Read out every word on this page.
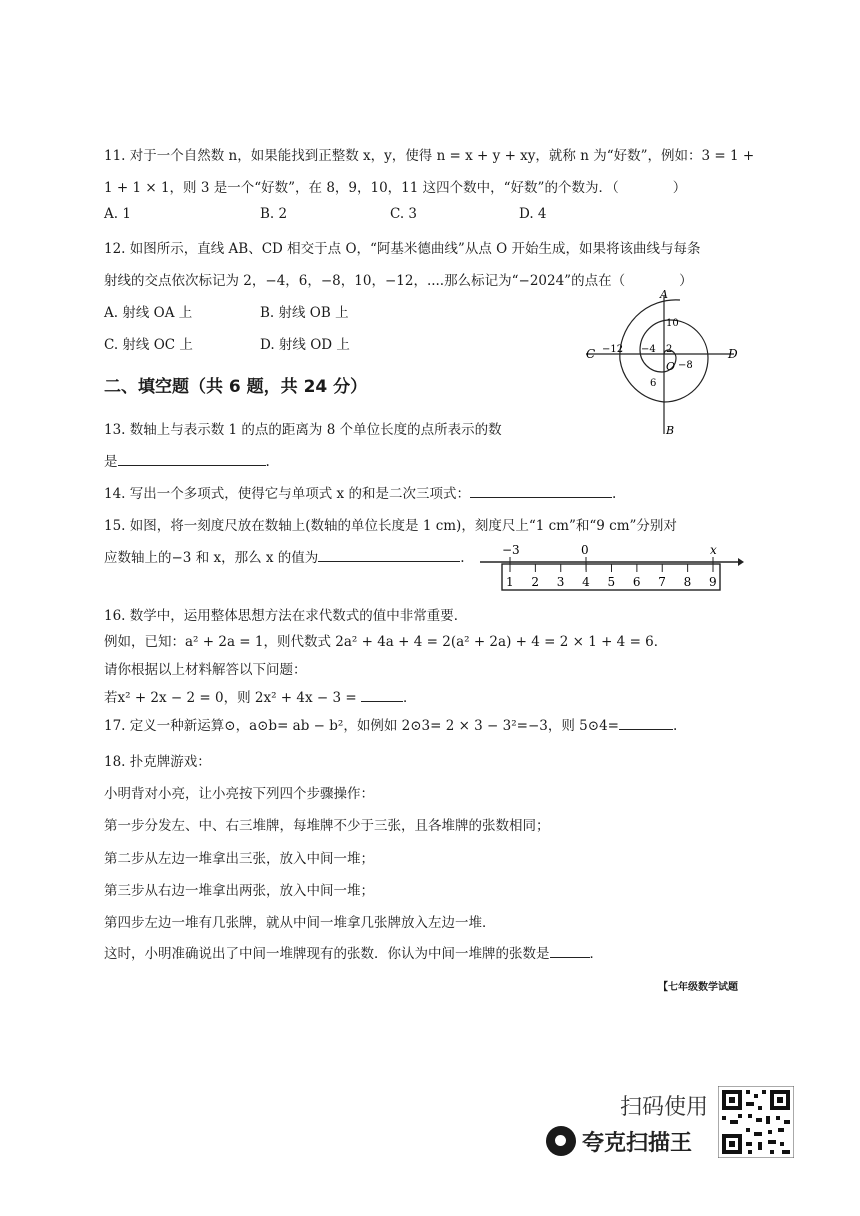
11. 对于一个自然数 n，如果能找到正整数 x，y，使得 n = x + y + xy，就称 n 为“好数”，例如：3 = 1 +
1 + 1 × 1，则 3 是一个“好数”，在 8，9，10，11 这四个数中，“好数”的个数为．（　　　　）
A. 1	B. 2	C. 3	D. 4
12. 如图所示，直线 AB、CD 相交于点 O，“阿基米德曲线”从点 O 开始生成，如果将该曲线与每条
射线的交点依次标记为 2，−4，6，−8，10，−12，....那么标记为“−2024”的点在（　　　　）
A. 射线 OA 上	B. 射线 OB 上
C. 射线 OC 上	D. 射线 OD 上
A
B
C	D
O
10
−12 −4 2
−8
6
二、填空题（共 6 题，共 24 分）
13. 数轴上与表示数 1 的点的距离为 8 个单位长度的点所表示的数
是	.
14. 写出一个多项式，使得它与单项式 x 的和是二次三项式：	.
15. 如图，将一刻度尺放在数轴上(数轴的单位长度是 1 cm)，刻度尺上“1 cm”和“9 cm”分别对
应数轴上的−3 和 x，那么 x 的值为	.	−3	0	x
1 2 3 4 5 6 7 8 9
16. 数学中，运用整体思想方法在求代数式的值中非常重要．
例如，已知：a² + 2a = 1，则代数式 2a² + 4a + 4 = 2(a² + 2a) + 4 = 2 × 1 + 4 = 6．
请你根据以上材料解答以下问题：
若x² + 2x − 2 = 0，则 2x² + 4x − 3 =	．
17. 定义一种新运算⊙，a⊙b= ab − b²，如例如 2⊙3= 2 × 3 − 3²=−3，则 5⊙4=	.
18. 扑克牌游戏：
小明背对小亮，让小亮按下列四个步骤操作：
第一步分发左、中、右三堆牌，每堆牌不少于三张，且各堆牌的张数相同；
第二步从左边一堆拿出三张，放入中间一堆；
第三步从右边一堆拿出两张，放入中间一堆；
第四步左边一堆有几张牌，就从中间一堆拿几张牌放入左边一堆．
这时，小明准确说出了中间一堆牌现有的张数．你认为中间一堆牌的张数是	．
【七年级数学试题
扫码使用
夸克扫描王
